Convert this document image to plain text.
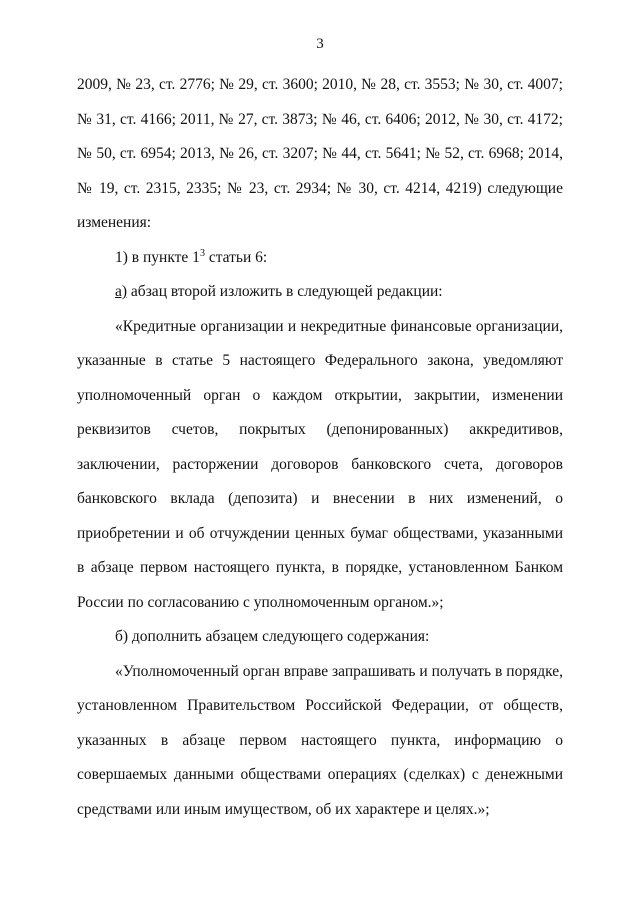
3

2009, № 23, ст. 2776; № 29, ст. 3600; 2010, № 28, ст. 3553; № 30, ст. 4007; № 31, ст. 4166; 2011, № 27, ст. 3873; № 46, ст. 6406; 2012, № 30, ст. 4172; № 50, ст. 6954; 2013, № 26, ст. 3207; № 44, ст. 5641; № 52, ст. 6968; 2014, № 19, ст. 2315, 2335; № 23, ст. 2934; № 30, ст. 4214, 4219) следующие изменения:

1) в пункте $1^3$ статьи 6:

а) абзац второй изложить в следующей редакции:

«Кредитные организации и некредитные финансовые организации, указанные в статье 5 настоящего Федерального закона, уведомляют уполномоченный орган о каждом открытии, закрытии, изменении реквизитов счетов, покрытых (депонированных) аккредитивов, заключении, расторжении договоров банковского счета, договоров банковского вклада (депозита) и внесении в них изменений, о приобретении и об отчуждении ценных бумаг обществами, указанными в абзаце первом настоящего пункта, в порядке, установленном Банком России по согласованию с уполномоченным органом.»;

б) дополнить абзацем следующего содержания:

«Уполномоченный орган вправе запрашивать и получать в порядке, установленном Правительством Российской Федерации, от обществ, указанных в абзаце первом настоящего пункта, информацию о совершаемых данными обществами операциях (сделках) с денежными средствами или иным имуществом, об их характере и целях.»;
